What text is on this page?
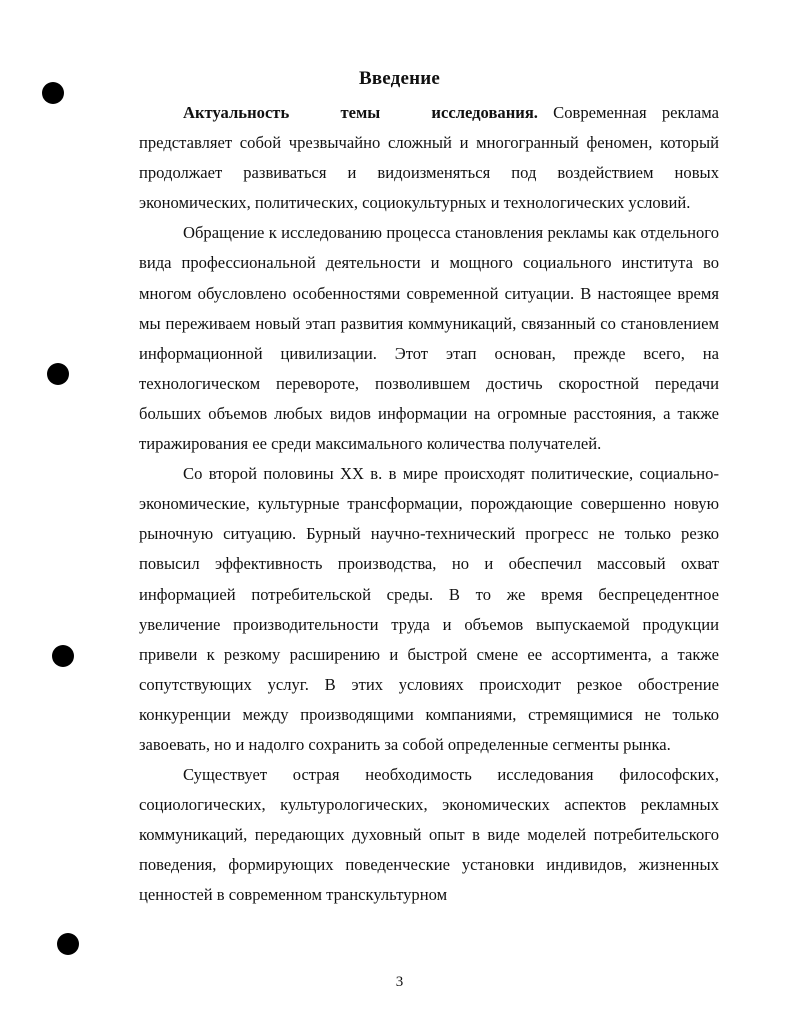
Введение

Актуальность темы исследования. Современная реклама представляет собой чрезвычайно сложный и многогранный феномен, который продолжает развиваться и видоизменяться под воздействием новых экономических, политических, социокультурных и технологических условий.

Обращение к исследованию процесса становления рекламы как отдельного вида профессиональной деятельности и мощного социального института во многом обусловлено особенностями современной ситуации. В настоящее время мы переживаем новый этап развития коммуникаций, связанный со становлением информационной цивилизации. Этот этап основан, прежде всего, на технологическом перевороте, позволившем достичь скоростной передачи больших объемов любых видов информации на огромные расстояния, а также тиражирования ее среди максимального количества получателей.

Со второй половины XX в. в мире происходят политические, социально-экономические, культурные трансформации, порождающие совершенно новую рыночную ситуацию. Бурный научно-технический прогресс не только резко повысил эффективность производства, но и обеспечил массовый охват информацией потребительской среды. В то же время беспрецедентное увеличение производительности труда и объемов выпускаемой продукции привели к резкому расширению и быстрой смене ее ассортимента, а также сопутствующих услуг. В этих условиях происходит резкое обострение конкуренции между производящими компаниями, стремящимися не только завоевать, но и надолго сохранить за собой определенные сегменты рынка.

Существует острая необходимость исследования философских, социологических, культурологических, экономических аспектов рекламных коммуникаций, передающих духовный опыт в виде моделей потребительского поведения, формирующих поведенческие установки индивидов, жизненных ценностей в современном транскультурном

3
